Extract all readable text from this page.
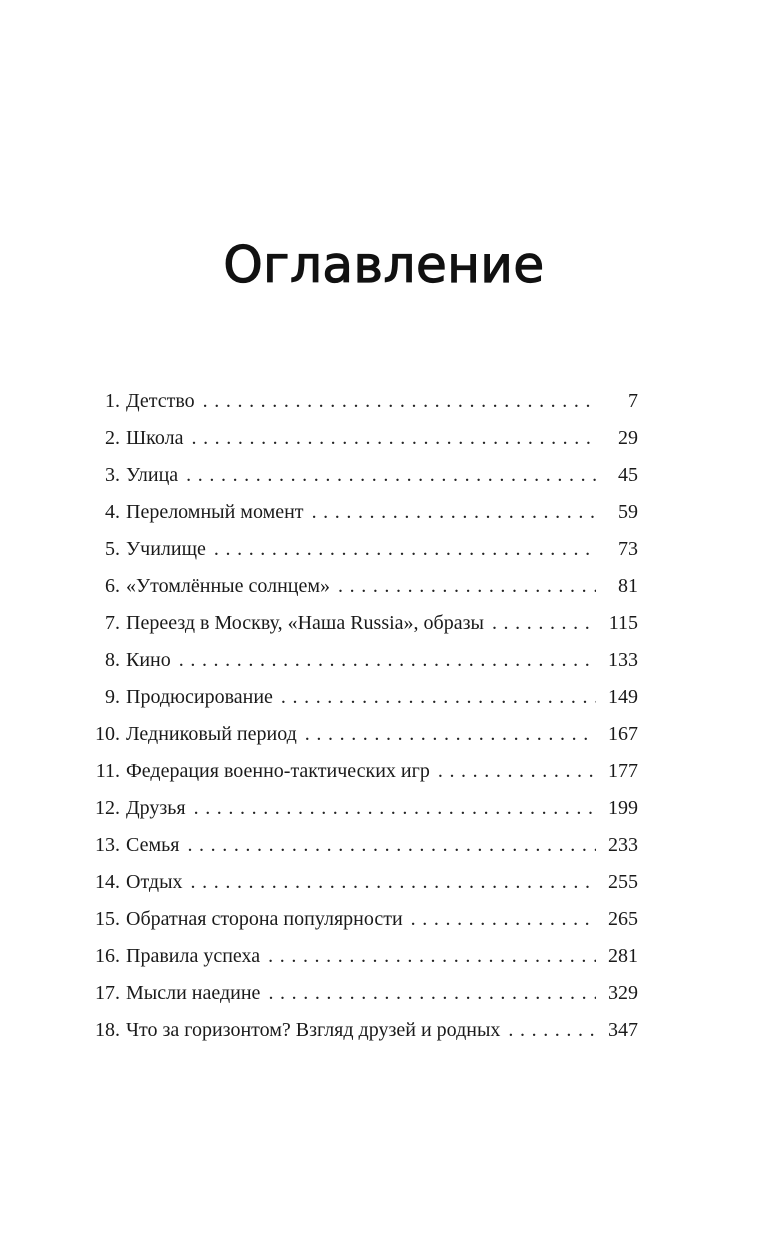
Оглавление
1. Детство . . .	7
2. Школа . . .	29
3. Улица . . .	45
4. Переломный момент . . .	59
5. Училище . . .	73
6. «Утомлённые солнцем» . . .	81
7. Переезд в Москву, «Наша Russia», образы . . .	115
8. Кино . . .	133
9. Продюсирование . . .	149
10. Ледниковый период . . .	167
11. Федерация военно-тактических игр . . .	177
12. Друзья . . .	199
13. Семья . . .	233
14. Отдых . . .	255
15. Обратная сторона популярности . . .	265
16. Правила успеха . . .	281
17. Мысли наедине . . .	329
18. Что за горизонтом? Взгляд друзей и родных . . .	347
